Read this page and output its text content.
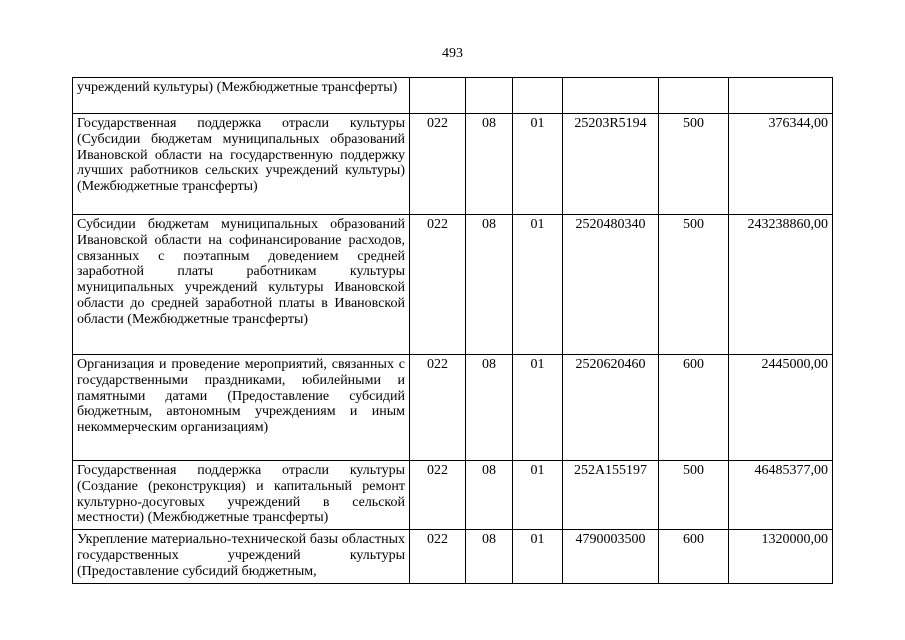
493
учреждений культуры) (Межбюджетные трансферты)						

Государственная поддержка отрасли культуры (Субсидии бюджетам муниципальных образований Ивановской области на государственную поддержку лучших работников сельских учреждений культуры) (Межбюджетные трансферты)	022	08	01	25203R5194	500	376344,00

Субсидии бюджетам муниципальных образований Ивановской области на софинансирование расходов, связанных с поэтапным доведением средней заработной платы работникам культуры муниципальных учреждений культуры Ивановской области до средней заработной платы в Ивановской области (Межбюджетные трансферты)	022	08	01	2520480340	500	243238860,00

Организация и проведение мероприятий, связанных с государственными праздниками, юбилейными и памятными датами (Предоставление субсидий бюджетным, автономным учреждениям и иным некоммерческим организациям)	022	08	01	2520620460	600	2445000,00

Государственная поддержка отрасли культуры (Создание (реконструкция) и капитальный ремонт культурно-досуговых учреждений в сельской местности) (Межбюджетные трансферты)	022	08	01	252A155197	500	46485377,00

Укрепление материально-технической базы областных государственных учреждений культуры (Предоставление субсидий бюджетным,	022	08	01	4790003500	600	1320000,00
